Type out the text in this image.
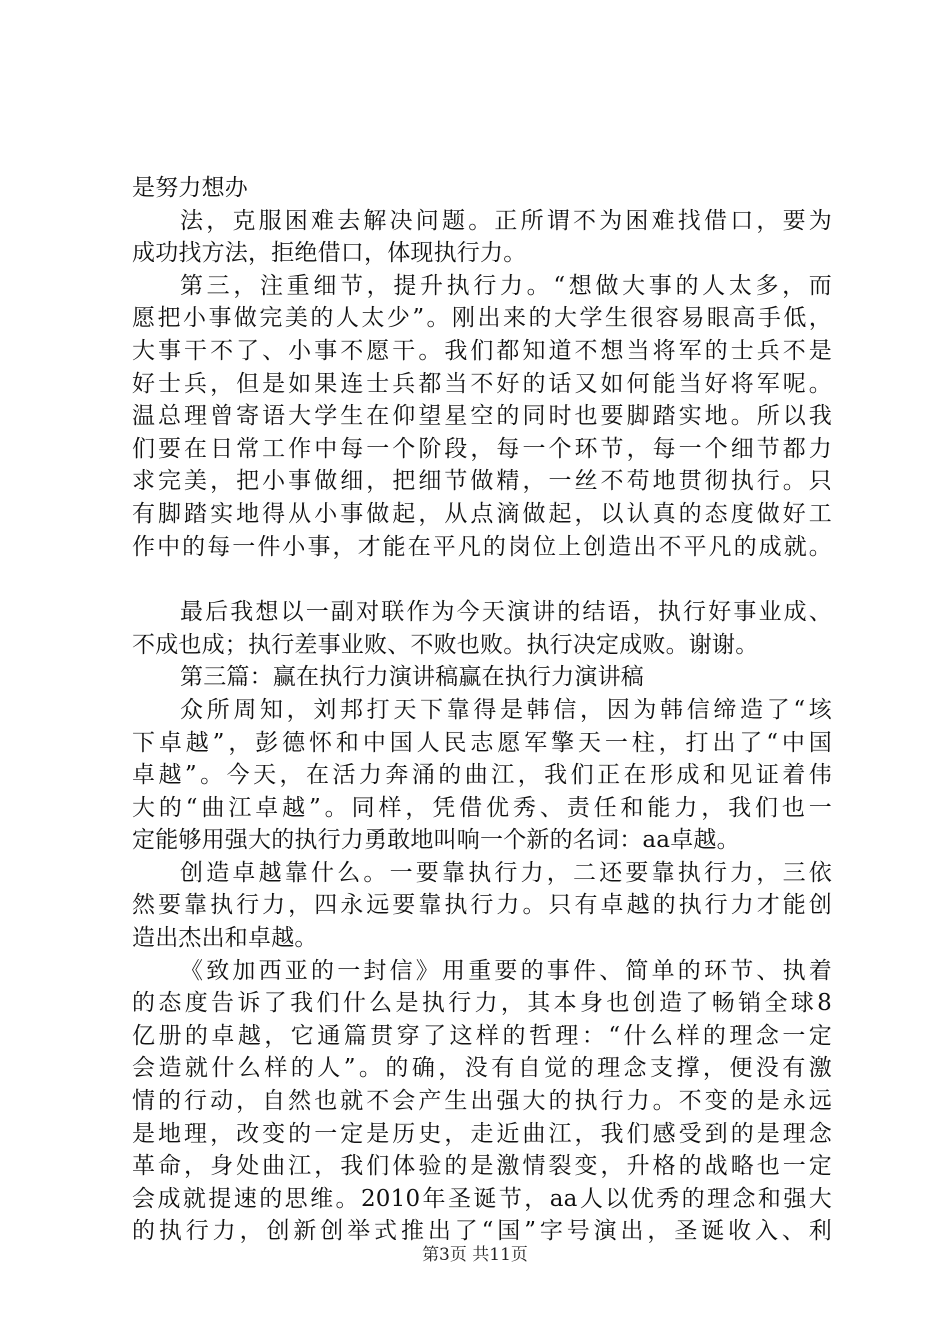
是努力想办
法，克服困难去解决问题。正所谓不为困难找借口，要为
成功找方法，拒绝借口，体现执行力。
第三，注重细节，提升执行力。“想做大事的人太多，而
愿把小事做完美的人太少”。刚出来的大学生很容易眼高手低，
大事干不了、小事不愿干。我们都知道不想当将军的士兵不是
好士兵，但是如果连士兵都当不好的话又如何能当好将军呢。
温总理曾寄语大学生在仰望星空的同时也要脚踏实地。所以我
们要在日常工作中每一个阶段，每一个环节，每一个细节都力
求完美，把小事做细，把细节做精，一丝不苟地贯彻执行。只
有脚踏实地得从小事做起，从点滴做起，以认真的态度做好工
作中的每一件小事，才能在平凡的岗位上创造出不平凡的成就。
最后我想以一副对联作为今天演讲的结语，执行好事业成、
不成也成；执行差事业败、不败也败。执行决定成败。谢谢。
第三篇：赢在执行力演讲稿赢在执行力演讲稿
众所周知，刘邦打天下靠得是韩信，因为韩信缔造了“垓
下卓越”，彭德怀和中国人民志愿军擎天一柱，打出了“中国
卓越”。今天，在活力奔涌的曲江，我们正在形成和见证着伟
大的“曲江卓越”。同样，凭借优秀、责任和能力，我们也一
定能够用强大的执行力勇敢地叫响一个新的名词：aa卓越。
创造卓越靠什么。一要靠执行力，二还要靠执行力，三依
然要靠执行力，四永远要靠执行力。只有卓越的执行力才能创
造出杰出和卓越。
《致加西亚的一封信》用重要的事件、简单的环节、执着
的态度告诉了我们什么是执行力，其本身也创造了畅销全球8
亿册的卓越，它通篇贯穿了这样的哲理：“什么样的理念一定
会造就什么样的人”。的确，没有自觉的理念支撑，便没有激
情的行动，自然也就不会产生出强大的执行力。不变的是永远
是地理，改变的一定是历史，走近曲江，我们感受到的是理念
革命，身处曲江，我们体验的是激情裂变，升格的战略也一定
会成就提速的思维。2010年圣诞节，aa人以优秀的理念和强大
的执行力，创新创举式推出了“国”字号演出，圣诞收入、利
第3页 共11页
